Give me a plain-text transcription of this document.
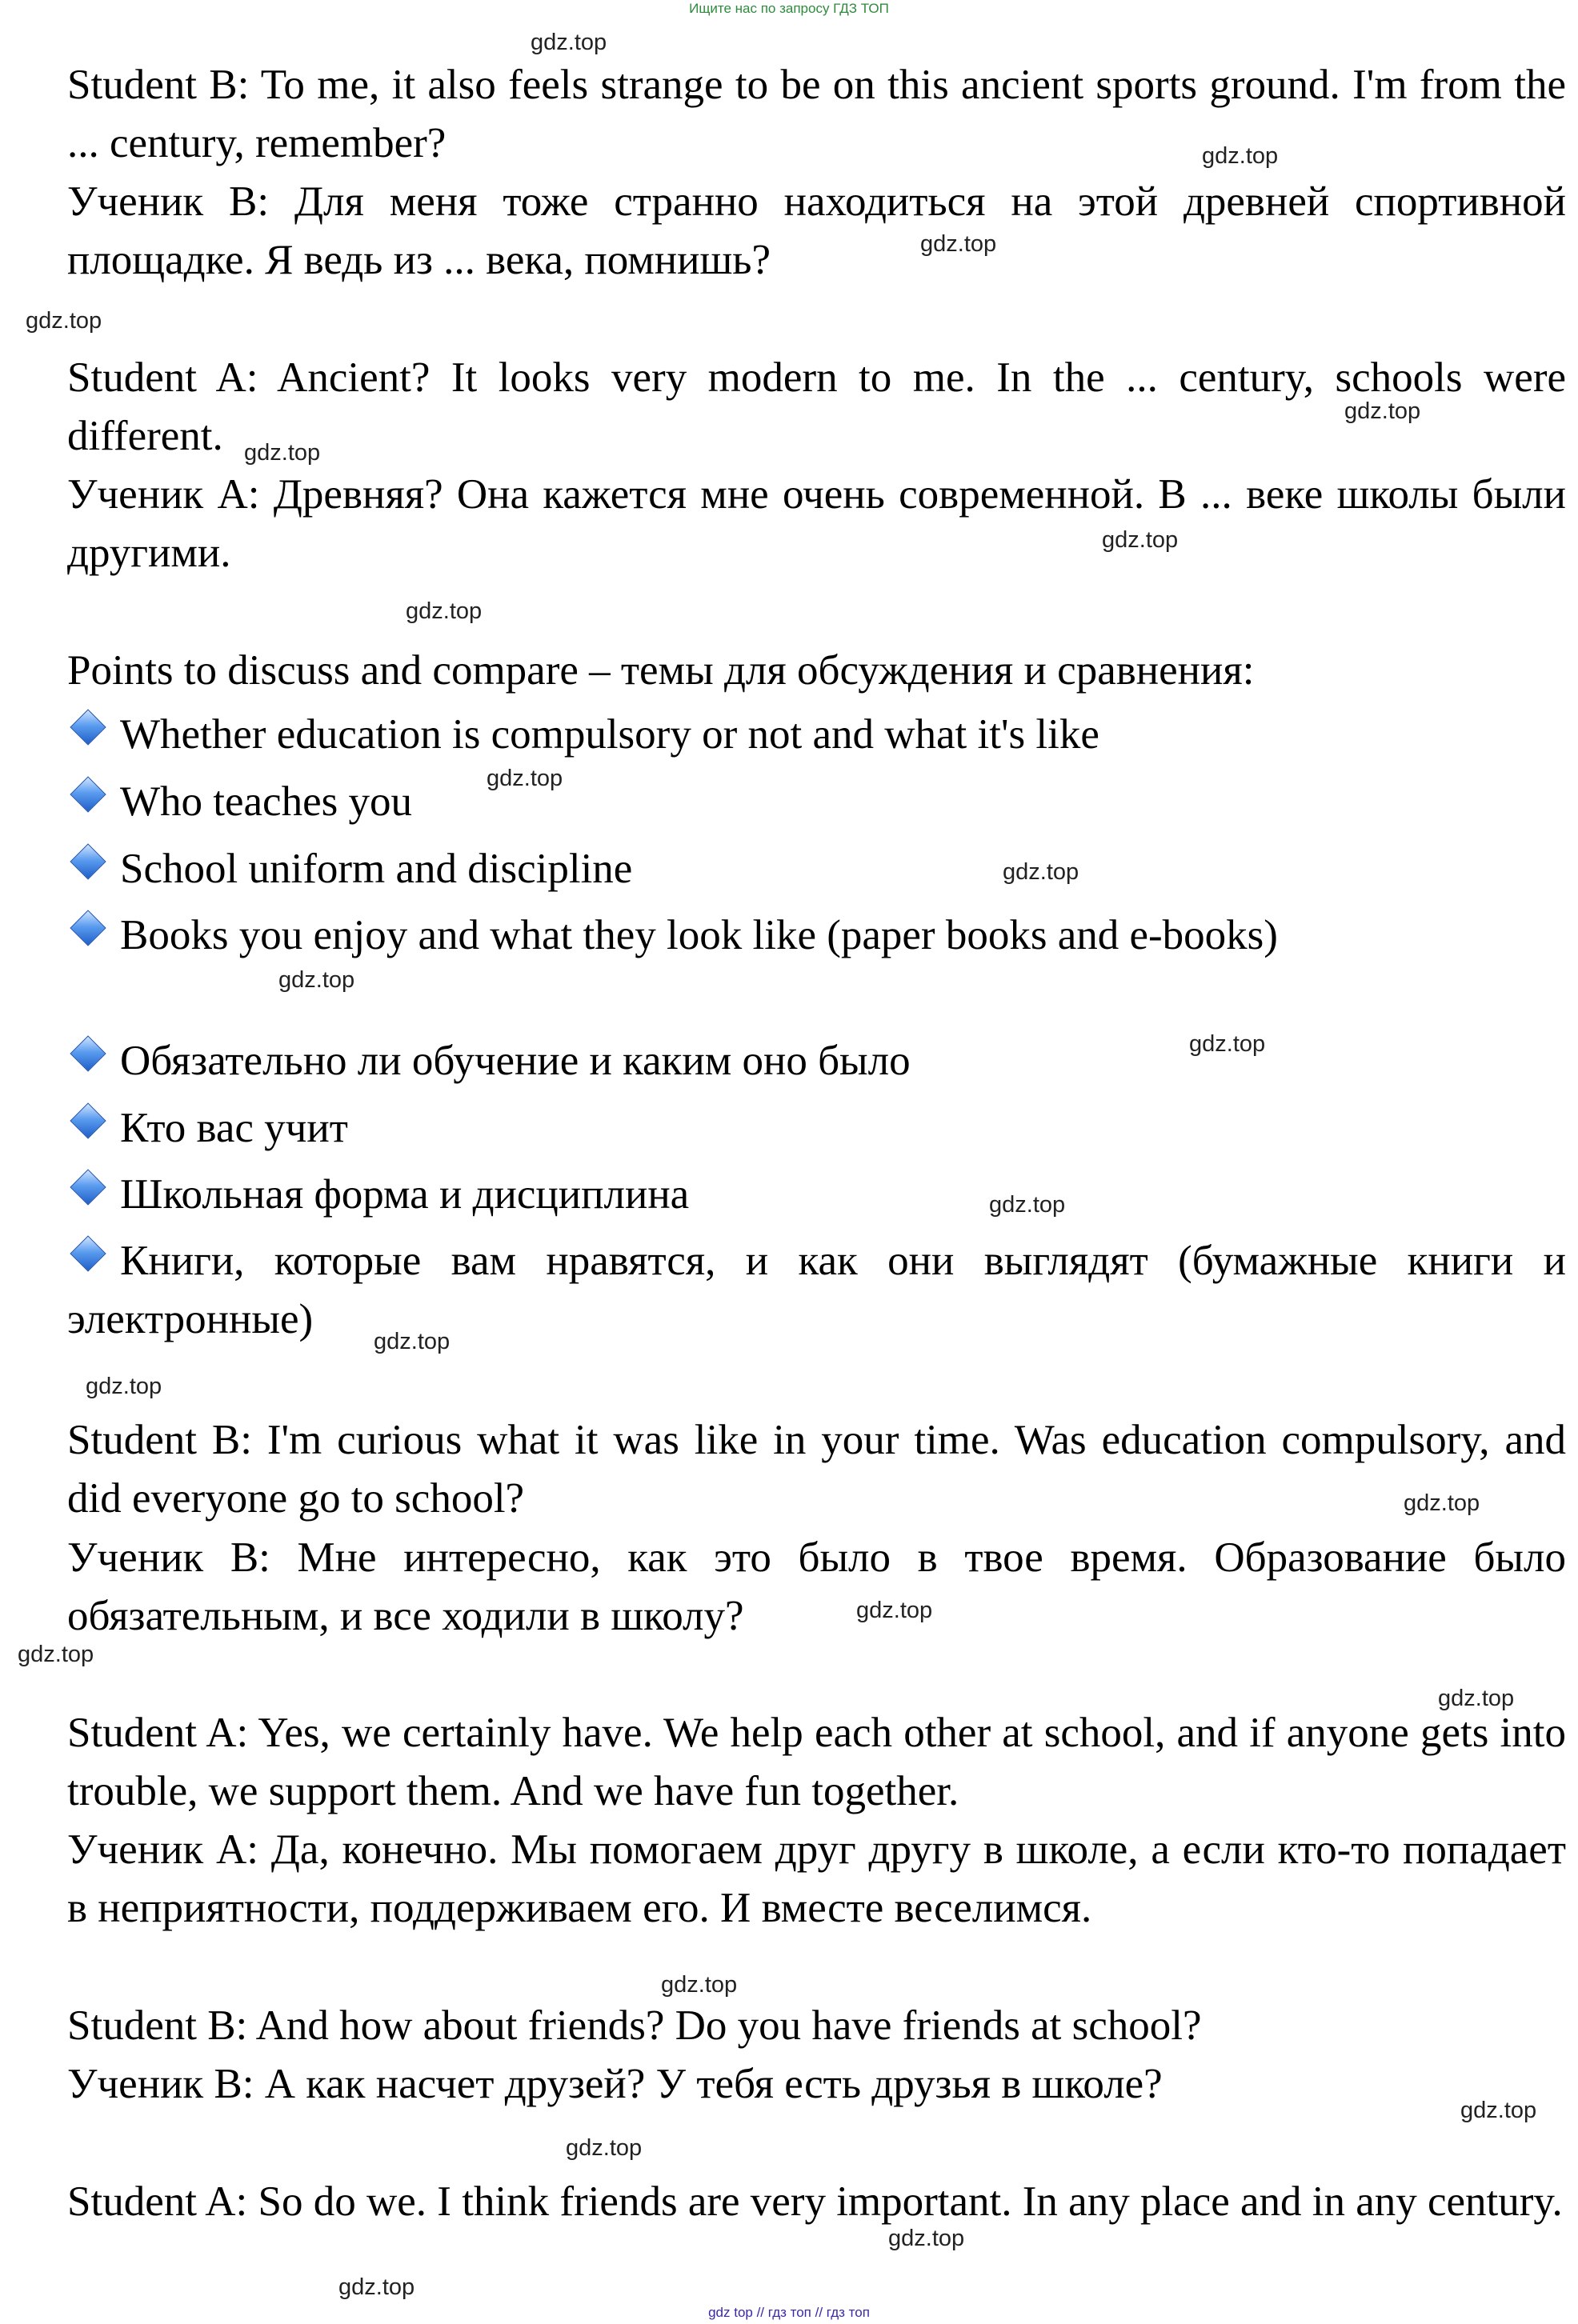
Ищите нас по запросу ГДЗ ТОП
Student B: To me, it also feels strange to be on this ancient sports ground. I'm from the ... century, remember?
Ученик В: Для меня тоже странно находиться на этой древней спортивной площадке. Я ведь из ... века, помнишь?
Student A: Ancient? It looks very modern to me. In the ... century, schools were different.
Ученик А: Древняя? Она кажется мне очень современной. В ... веке школы были другими.
Points to discuss and compare – темы для обсуждения и сравнения:
Whether education is compulsory or not and what it's like
Who teaches you
School uniform and discipline
Books you enjoy and what they look like (paper books and e-books)
Обязательно ли обучение и каким оно было
Кто вас учит
Школьная форма и дисциплина
Книги, которые вам нравятся, и как они выглядят (бумажные книги и электронные)
Student B: I'm curious what it was like in your time. Was education compulsory, and did everyone go to school?
Ученик В: Мне интересно, как это было в твое время. Образование было обязательным, и все ходили в школу?
Student A: Yes, we certainly have. We help each other at school, and if anyone gets into trouble, we support them. And we have fun together.
Ученик А: Да, конечно. Мы помогаем друг другу в школе, а если кто-то попадает в неприятности, поддерживаем его. И вместе веселимся.
Student B: And how about friends? Do you have friends at school?
Ученик В: А как насчет друзей? У тебя есть друзья в школе?
Student A: So do we. I think friends are very important. In any place and in any century.
gdz.top
gdz.top
gdz.top
gdz.top
gdz.top
gdz.top
gdz.top
gdz.top
gdz.top
gdz.top
gdz.top
gdz.top
gdz.top
gdz.top
gdz.top
gdz.top
gdz.top
gdz.top
gdz.top
gdz.top
gdz.top
gdz.top
gdz.top
gdz.top
gdz top // гдз топ // гдз топ
